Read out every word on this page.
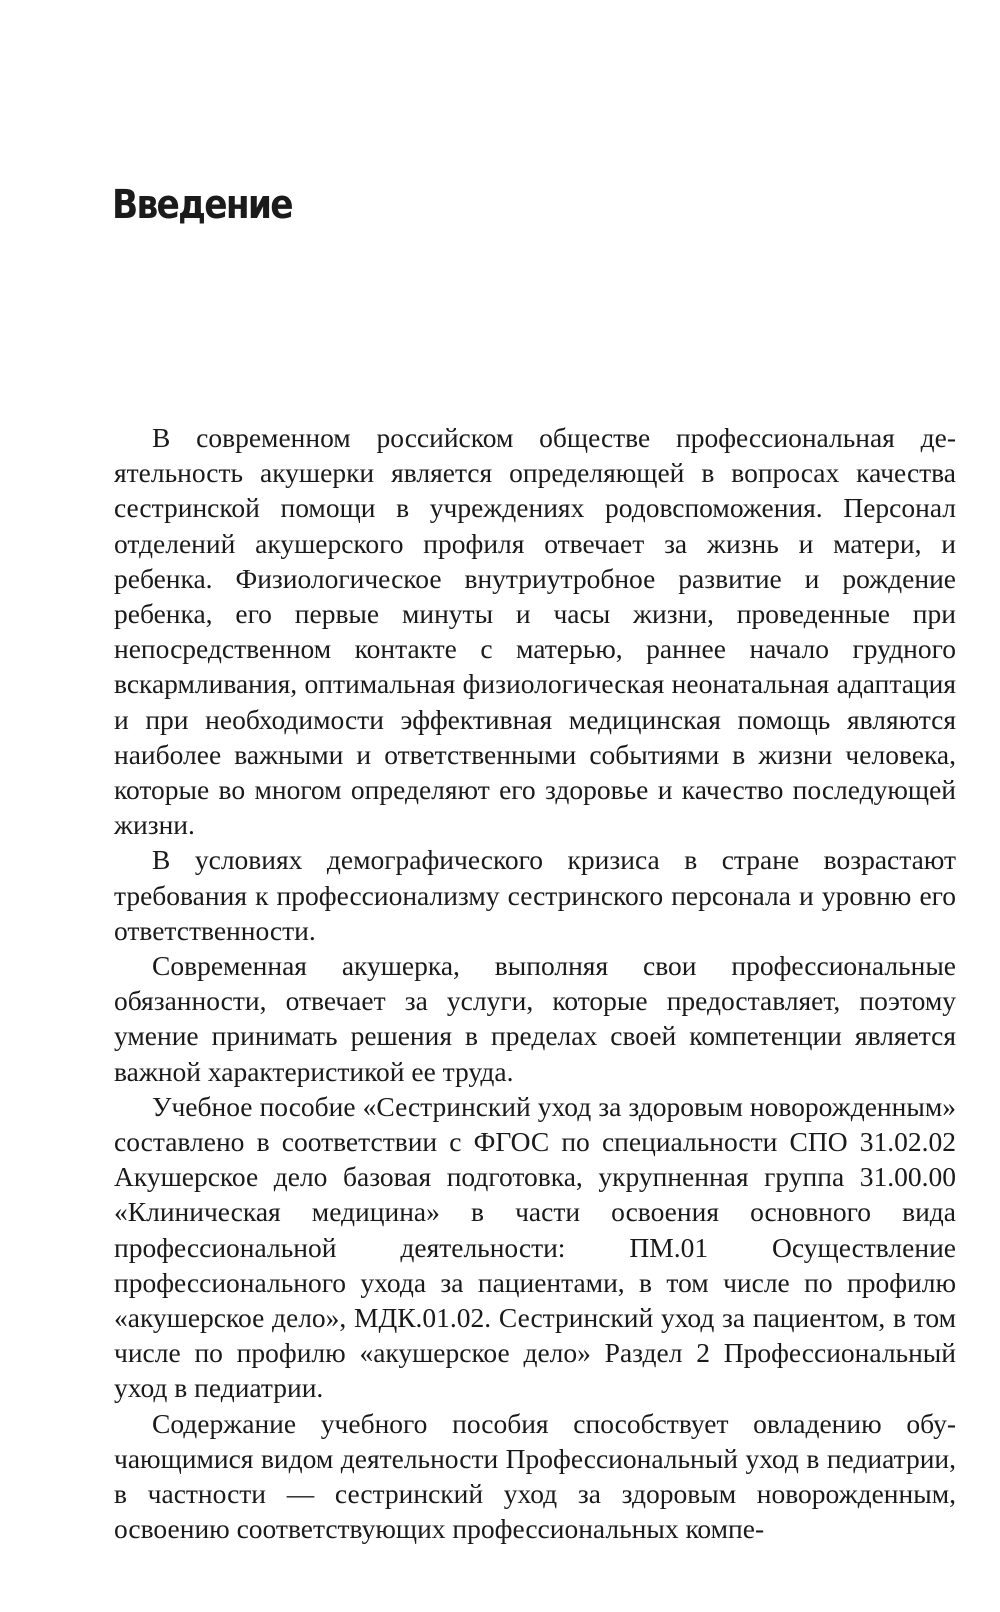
Введение

В современном российском обществе профессиональная деятельность акушерки является определяющей в вопросах качества сестринской помощи в учреждениях родовспоможения. Персонал отделений акушерского профиля отвечает за жизнь и матери, и ребенка. Физиологическое внутриутробное развитие и рождение ребенка, его первые минуты и часы жизни, проведенные при непосредственном контакте с матерью, раннее начало грудного вскармливания, оптимальная физиологическая неонатальная адаптация и при необходимости эффективная медицинская помощь являются наиболее важными и ответственными событиями в жизни человека, которые во многом определяют его здоровье и качество последующей жизни.

В условиях демографического кризиса в стране возрастают требования к профессионализму сестринского персонала и уровню его ответственности.

Современная акушерка, выполняя свои профессиональные обязанности, отвечает за услуги, которые предоставляет, поэтому умение принимать решения в пределах своей компетенции является важной характеристикой ее труда.

Учебное пособие «Сестринский уход за здоровым новорожденным» составлено в соответствии с ФГОС по специальности СПО 31.02.02 Акушерское дело базовая подготовка, укрупненная группа 31.00.00 «Клиническая медицина» в части освоения основного вида профессиональной деятельности: ПМ.01 Осуществление профессионального ухода за пациентами, в том числе по профилю «акушерское дело», МДК.01.02. Сестринский уход за пациентом, в том числе по профилю «акушерское дело» Раздел 2 Профессиональный уход в педиатрии.

Содержание учебного пособия способствует овладению обучающимися видом деятельности Профессиональный уход в педиатрии, в частности — сестринский уход за здоровым новорожденным, освоению соответствующих профессиональных компе-
